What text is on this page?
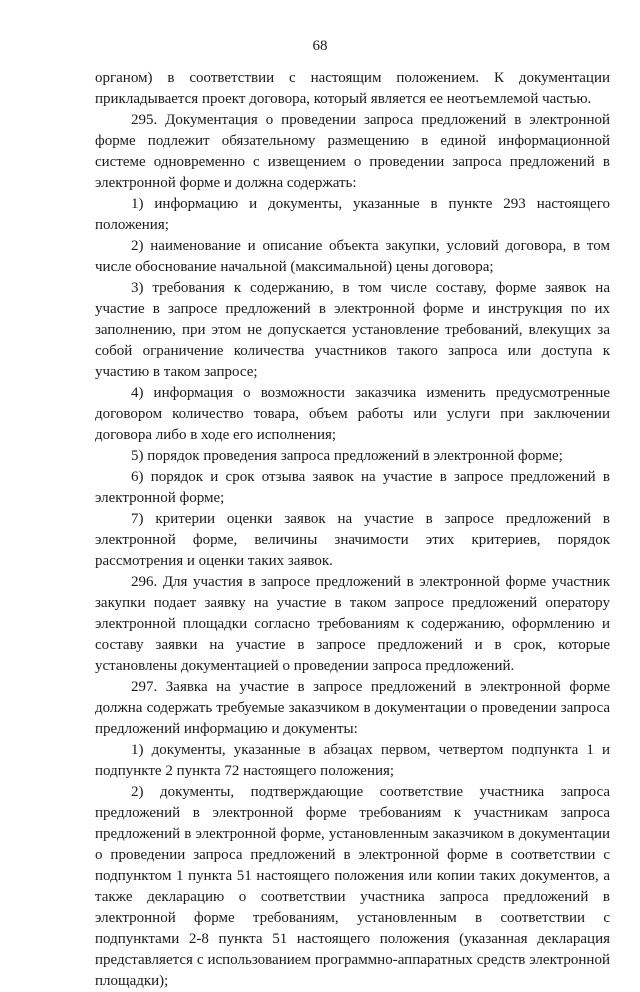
68

органом) в соответствии с настоящим положением. К документации прикладывается проект договора, который является ее неотъемлемой частью.

295. Документация о проведении запроса предложений в электронной форме подлежит обязательному размещению в единой информационной системе одновременно с извещением о проведении запроса предложений в электронной форме и должна содержать:

1) информацию и документы, указанные в пункте 293 настоящего положения;

2) наименование и описание объекта закупки, условий договора, в том числе обоснование начальной (максимальной) цены договора;

3) требования к содержанию, в том числе составу, форме заявок на участие в запросе предложений в электронной форме и инструкция по их заполнению, при этом не допускается установление требований, влекущих за собой ограничение количества участников такого запроса или доступа к участию в таком запросе;

4) информация о возможности заказчика изменить предусмотренные договором количество товара, объем работы или услуги при заключении договора либо в ходе его исполнения;

5) порядок проведения запроса предложений в электронной форме;

6) порядок и срок отзыва заявок на участие в запросе предложений в электронной форме;

7) критерии оценки заявок на участие в запросе предложений в электронной форме, величины значимости этих критериев, порядок рассмотрения и оценки таких заявок.

296. Для участия в запросе предложений в электронной форме участник закупки подает заявку на участие в таком запросе предложений оператору электронной площадки согласно требованиям к содержанию, оформлению и составу заявки на участие в запросе предложений и в срок, которые установлены документацией о проведении запроса предложений.

297. Заявка на участие в запросе предложений в электронной форме должна содержать требуемые заказчиком в документации о проведении запроса предложений информацию и документы:

1) документы, указанные в абзацах первом, четвертом подпункта 1 и подпункте 2 пункта 72 настоящего положения;

2) документы, подтверждающие соответствие участника запроса предложений в электронной форме требованиям к участникам запроса предложений в электронной форме, установленным заказчиком в документации о проведении запроса предложений в электронной форме в соответствии с подпунктом 1 пункта 51 настоящего положения или копии таких документов, а также декларацию о соответствии участника запроса предложений в электронной форме требованиям, установленным в соответствии с подпунктами 2-8 пункта 51 настоящего положения (указанная декларация представляется с использованием программно-аппаратных средств электронной площадки);
